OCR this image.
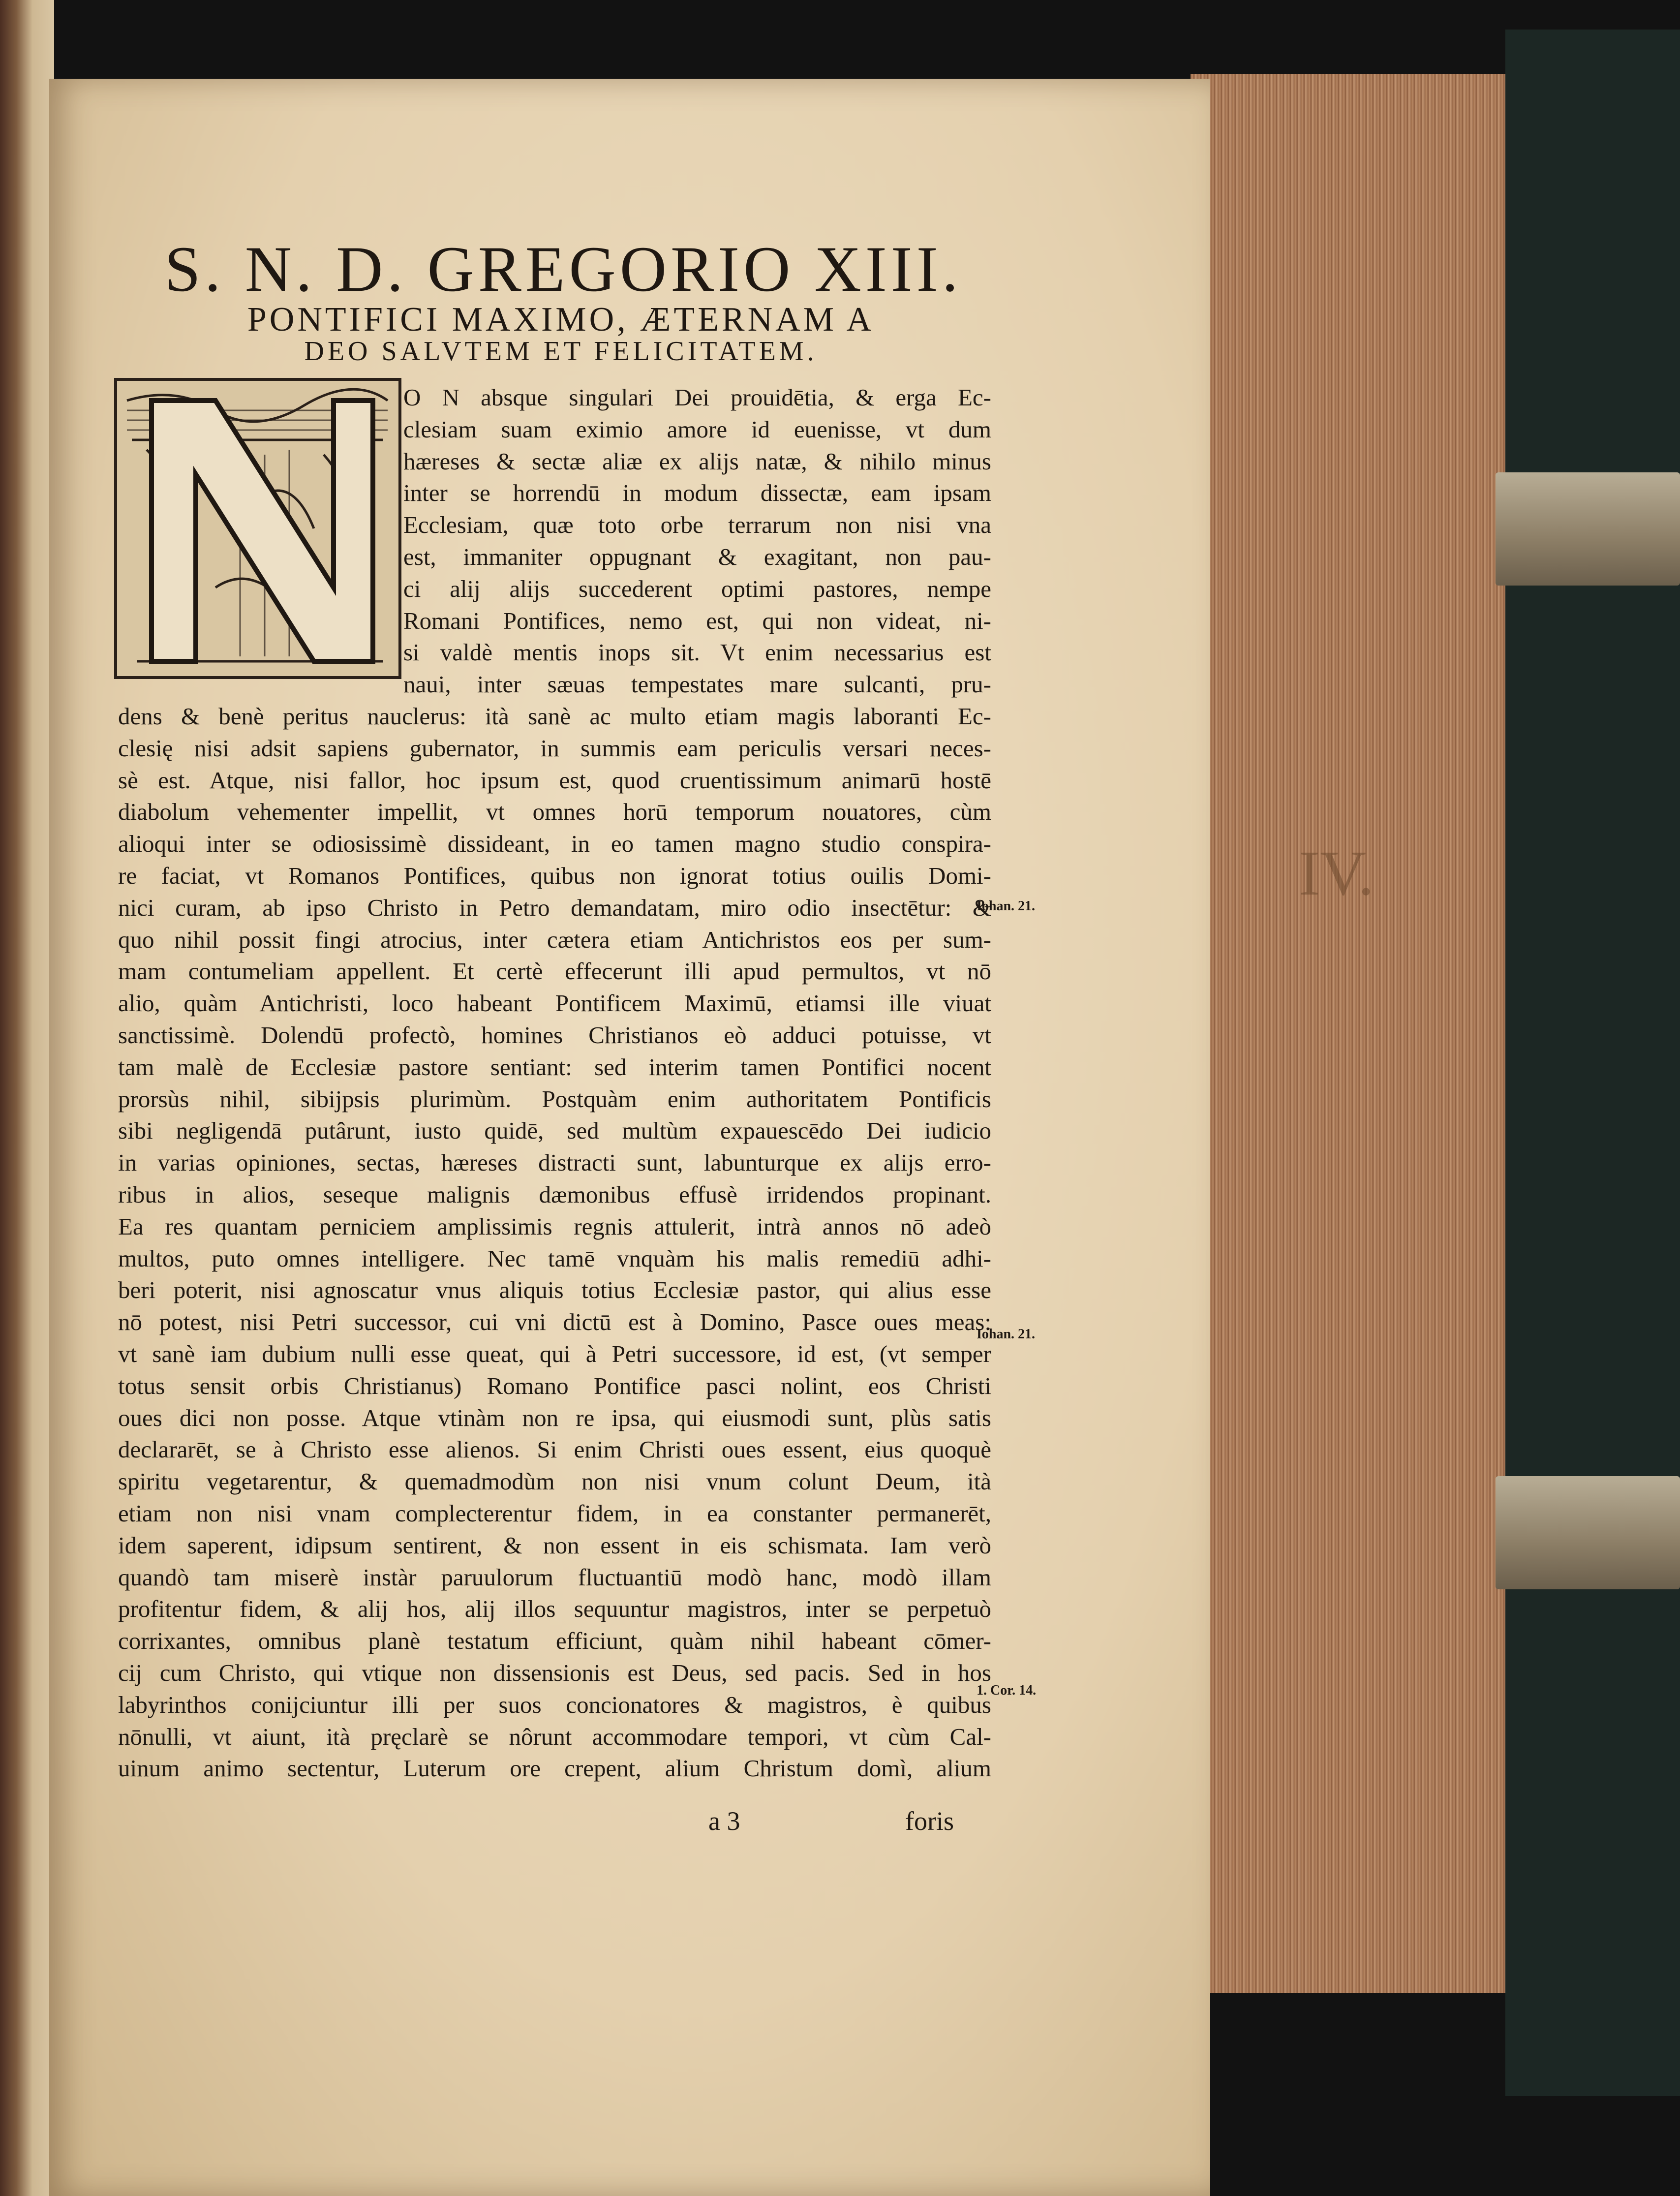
IV.
S. N. D. GREGORIO XIII.
PONTIFICI MAXIMO, ÆTERNAM A
DEO SALVTEM ET FELICITATEM.
O N absque singulari Dei prouidētia, & erga Ec-
clesiam suam eximio amore id euenisse, vt dum
hæreses & sectæ aliæ ex alijs natæ, & nihilo minus
inter se horrendū in modum dissectæ, eam ipsam
Ecclesiam, quæ toto orbe terrarum non nisi vna
est, immaniter oppugnant & exagitant, non pau-
ci alij alijs succederent optimi pastores, nempe
Romani Pontifices, nemo est, qui non videat, ni-
si valdè mentis inops sit. Vt enim necessarius est
naui, inter sæuas tempestates mare sulcanti, pru-
dens & benè peritus nauclerus: ità sanè ac multo etiam magis laboranti Ec-
clesię nisi adsit sapiens gubernator, in summis eam periculis versari neces-
sè est. Atque, nisi fallor, hoc ipsum est, quod cruentissimum animarū hostē
diabolum vehementer impellit, vt omnes horū temporum nouatores, cùm
alioqui inter se odiosissimè dissideant, in eo tamen magno studio conspira-
re faciat, vt Romanos Pontifices, quibus non ignorat totius ouilis Domi-
nici curam, ab ipso Christo in Petro demandatam, miro odio insectētur: &
quo nihil possit fingi atrocius, inter cætera etiam Antichristos eos per sum-
mam contumeliam appellent. Et certè effecerunt illi apud permultos, vt nō
alio, quàm Antichristi, loco habeant Pontificem Maximū, etiamsi ille viuat
sanctissimè. Dolendū profectò, homines Christianos eò adduci potuisse, vt
tam malè de Ecclesiæ pastore sentiant: sed interim tamen Pontifici nocent
prorsùs nihil, sibijpsis plurimùm. Postquàm enim authoritatem Pontificis
sibi negligendā putârunt, iusto quidē, sed multùm expauescēdo Dei iudicio
in varias opiniones, sectas, hæreses distracti sunt, labunturque ex alijs erro-
ribus in alios, seseque malignis dæmonibus effusè irridendos propinant.
Ea res quantam perniciem amplissimis regnis attulerit, intrà annos nō adeò
multos, puto omnes intelligere. Nec tamē vnquàm his malis remediū adhi-
beri poterit, nisi agnoscatur vnus aliquis totius Ecclesiæ pastor, qui alius esse
nō potest, nisi Petri successor, cui vni dictū est à Domino, Pasce oues meas:
vt sanè iam dubium nulli esse queat, qui à Petri successore, id est, (vt semper
totus sensit orbis Christianus) Romano Pontifice pasci nolint, eos Christi
oues dici non posse. Atque vtinàm non re ipsa, qui eiusmodi sunt, plùs satis
declararēt, se à Christo esse alienos. Si enim Christi oues essent, eius quoquè
spiritu vegetarentur, & quemadmodùm non nisi vnum colunt Deum, ità
etiam non nisi vnam complecterentur fidem, in ea constanter permanerēt,
idem saperent, idipsum sentirent, & non essent in eis schismata. Iam verò
quandò tam miserè instàr paruulorum fluctuantiū modò hanc, modò illam
profitentur fidem, & alij hos, alij illos sequuntur magistros, inter se perpetuò
corrixantes, omnibus planè testatum efficiunt, quàm nihil habeant cōmer-
cij cum Christo, qui vtique non dissensionis est Deus, sed pacis. Sed in hos
labyrinthos conijciuntur illi per suos concionatores & magistros, è quibus
nōnulli, vt aiunt, ità pręclarè se nôrunt accommodare tempori, vt cùm Cal-
uinum animo sectentur, Luterum ore crepent, alium Christum domì, alium
Iohan. 21.
Iohan. 21.
1. Cor. 14.
a 3	foris
